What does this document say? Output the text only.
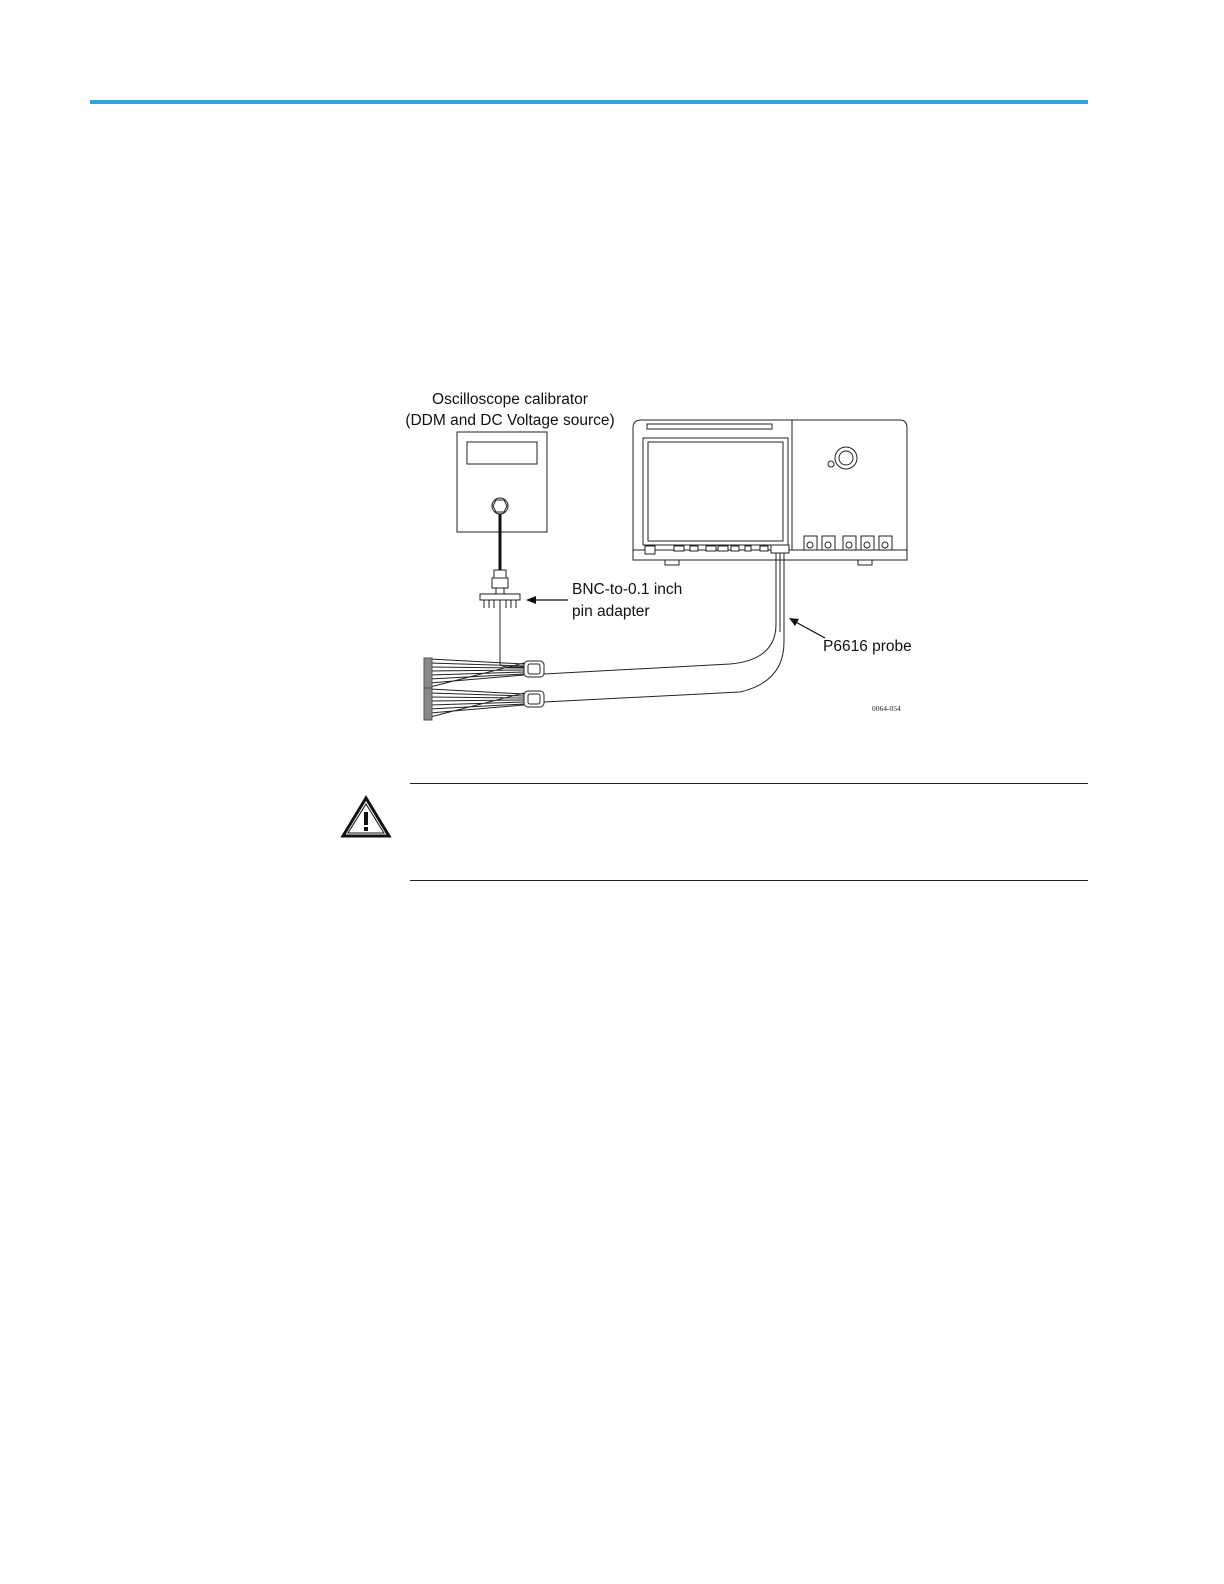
Oscilloscope calibrator
(DDM and DC Voltage source)
BNC-to-0.1 inch
pin adapter
P6616 probe
0064-054
